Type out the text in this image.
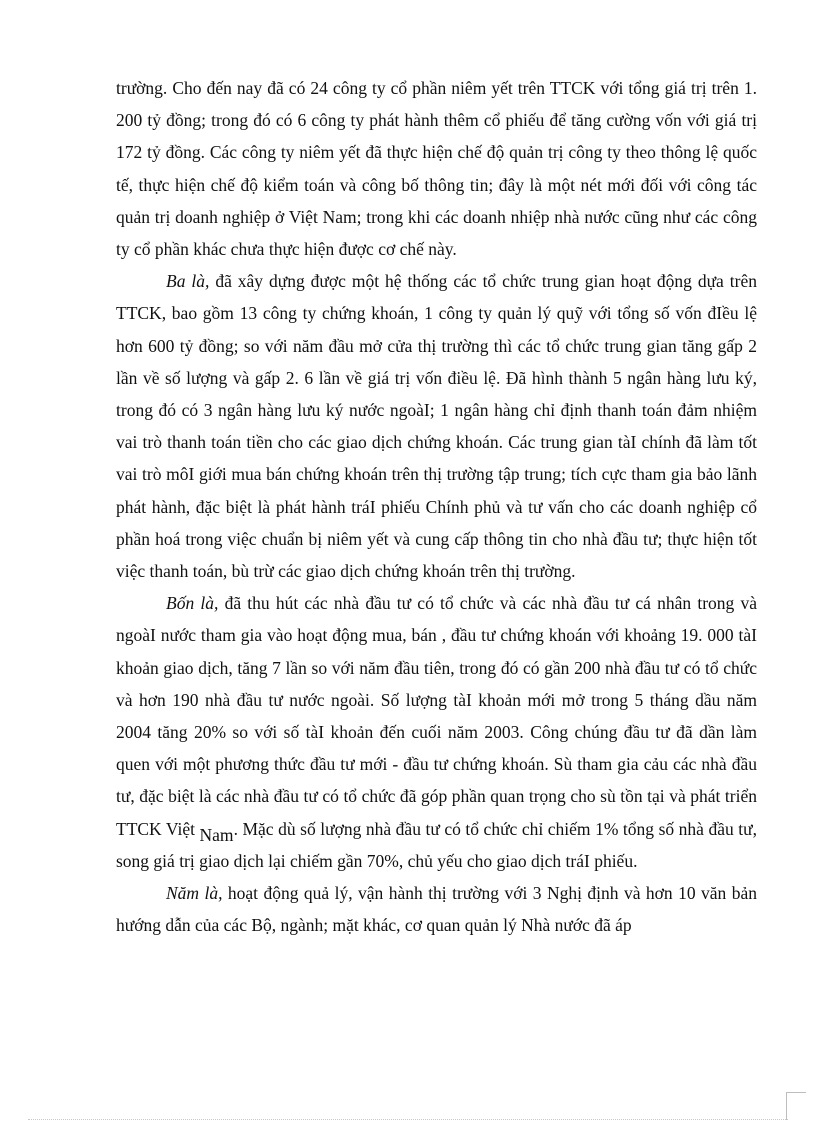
trường. Cho đến nay đã có 24 công ty cổ phần niêm yết trên TTCK với tổng giá trị trên 1. 200 tỷ đồng; trong đó có 6 công ty phát hành thêm cổ phiếu để tăng cường vốn với giá trị 172 tỷ đồng. Các công ty niêm yết đã thực hiện chế độ quản trị công ty theo thông lệ quốc tế, thực hiện chế độ kiểm toán và công bố thông tin; đây là một nét mới đối với công tác quản trị doanh nghiệp ở Việt Nam; trong khi các doanh nhiệp nhà nước cũng như các công ty cổ phần khác chưa thực hiện được cơ chế này.

Ba là, đã xây dựng được một hệ thống các tổ chức trung gian hoạt động dựa trên TTCK, bao gồm 13 công ty chứng khoán, 1 công ty quản lý quỹ với tổng số vốn đIều lệ hơn 600 tỷ đồng; so với năm đầu mở cửa thị trường thì các tổ chức trung gian tăng gấp 2 lần về số lượng và gấp 2. 6 lần về giá trị vốn điều lệ. Đã hình thành 5 ngân hàng lưu ký, trong đó có 3 ngân hàng lưu ký nước ngoàI; 1 ngân hàng chỉ định thanh toán đảm nhiệm vai trò thanh toán tiền cho các giao dịch chứng khoán. Các trung gian tàI chính đã làm tốt vai trò môI giới mua bán chứng khoán trên thị trường tập trung; tích cực tham gia bảo lãnh phát hành, đặc biệt là phát hành tráI phiếu Chính phủ và tư vấn cho các doanh nghiệp cổ phần hoá trong việc chuẩn bị niêm yết và cung cấp thông tin cho nhà đầu tư; thực hiện tốt việc thanh toán, bù trừ các giao dịch chứng khoán trên thị trường.

Bốn là, đã thu hút các nhà đầu tư có tổ chức và các nhà đầu tư cá nhân trong và ngoàI nước tham gia vào hoạt động mua, bán , đầu tư chứng khoán với khoảng 19. 000 tàI khoản giao dịch, tăng 7 lần so với năm đầu tiên, trong đó có gần 200 nhà đầu tư có tổ chức và hơn 190 nhà đầu tư nước ngoài. Số lượng tàI khoản mới mở trong 5 tháng dầu năm 2004 tăng 20% so với số tàI khoản đến cuối năm 2003. Công chúng đầu tư đã dần làm quen với một phương thức đầu tư mới - đầu tư chứng khoán. Sù tham gia cảu các nhà đầu tư, đặc biệt là các nhà đầu tư có tổ chức đã góp phần quan trọng cho sù tồn tại và phát triển TTCK Việt Nam. Mặc dù số lượng nhà đầu tư có tổ chức chỉ chiếm 1% tổng số nhà đầu tư, song giá trị giao dịch lại chiếm gần 70%, chủ yếu cho giao dịch tráI phiếu.

Năm là, hoạt động quả lý, vận hành thị trường với 3 Nghị định và hơn 10 văn bản hướng dẫn của các Bộ, ngành; mặt khác, cơ quan quản lý Nhà nước đã áp
